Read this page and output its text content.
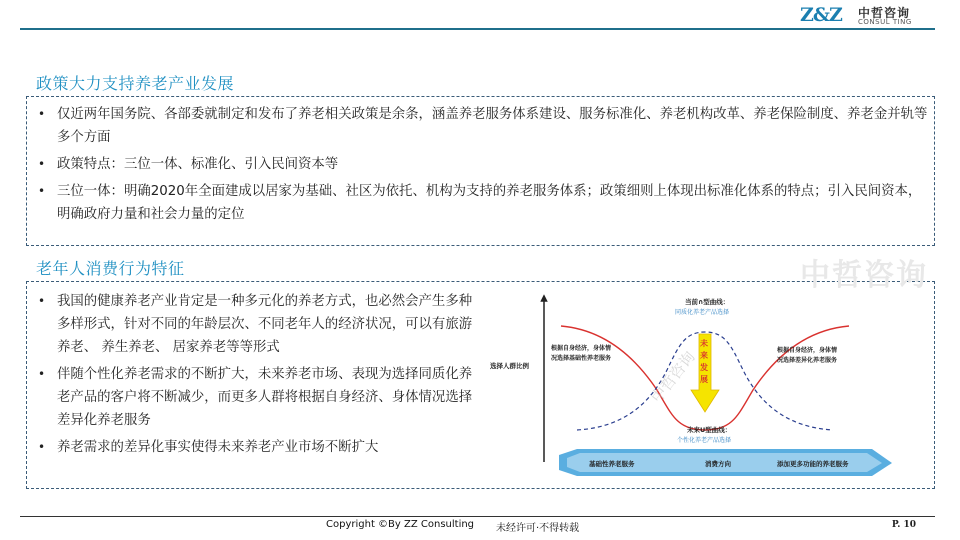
Z&Z 中哲咨询
CONSUL TING
政策大力支持养老产业发展
• 仅近两年国务院、各部委就制定和发布了养老相关政策是余条，涵盖养老服务体系建设、服务标准化、养老机构改革、养老保险制度、养老金并轨等多个方面
• 政策特点：三位一体、标准化、引入民间资本等
• 三位一体：明确2020年全面建成以居家为基础、社区为依托、机构为支持的养老服务体系；政策细则上体现出标准化体系的特点；引入民间资本，明确政府力量和社会力量的定位
老年人消费行为特征
• 我国的健康养老产业肯定是一种多元化的养老方式，也必然会产生多种多样形式，针对不同的年龄层次、不同老年人的经济状况，可以有旅游养老、 养生养老、 居家养老等等形式
• 伴随个性化养老需求的不断扩大，未来养老市场、表现为选择同质化养老产品的客户将不断减少，而更多人群将根据自身经济、身体情况选择差异化养老服务
• 养老需求的差异化事实使得未来养老产业市场不断扩大
选择人群比例
基础性养老服务	消费方向	添加更多功能的养老服务
当前∩型曲线：
同质化养老产品选择
根据自身经济，身体情
况选择基础性养老服务
根据自身经济，身体情
况选择差异化养老服务
未
来
发
展
未来U型曲线：
个性化养老产品选择
中哲咨询
中哲咨询
Copyright ©By ZZ Consulting 未经许可·不得转载	P. 10
